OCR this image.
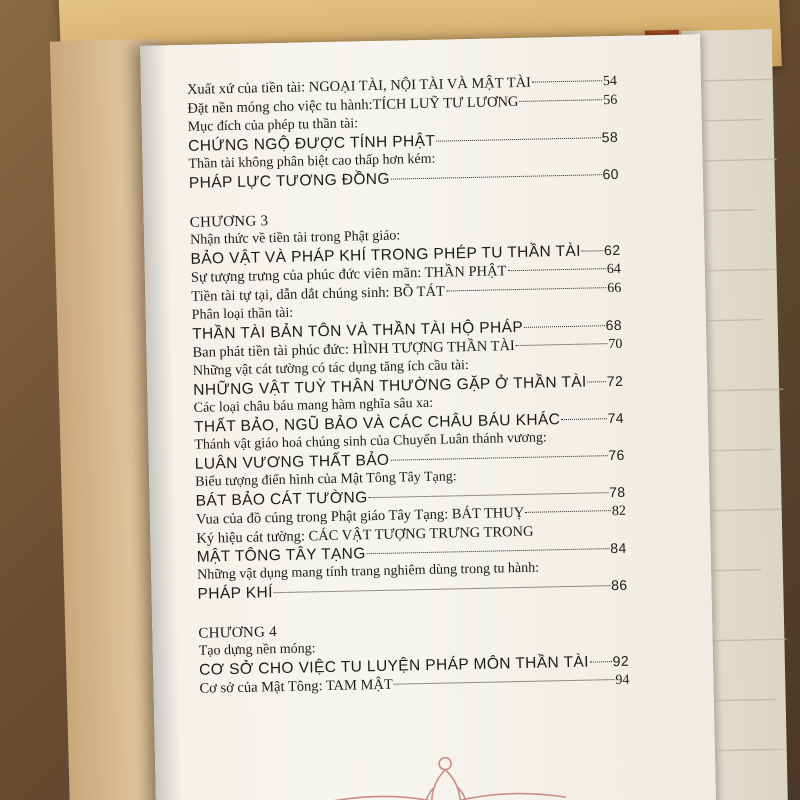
Xuất xứ của tiền tài: NGOẠI TÀI, NỘI TÀI VÀ MẬT TÀI	54
Đặt nền móng cho việc tu hành:TÍCH LUỸ TƯ LƯƠNG	56
Mục đích của phép tu thần tài:
CHỨNG NGỘ ĐƯỢC TÍNH PHẬT	58
Thần tài không phân biệt cao thấp hơn kém:
PHÁP LỰC TƯƠNG ĐỒNG	60
CHƯƠNG 3
Nhận thức về tiền tài trong Phật giáo:
BẢO VẬT VÀ PHÁP KHÍ TRONG PHÉP TU THẦN TÀI 62
Sự tượng trưng của phúc đức viên mãn: THẦN PHẬT	64
Tiền tài tự tại, dẫn dắt chúng sinh: BỒ TÁT	66
Phân loại thần tài:
THẦN TÀI BẢN TÔN VÀ THẦN TÀI HỘ PHÁP	68
Ban phát tiền tài phúc đức: HÌNH TƯỢNG THẦN TÀI	70
Những vật cát tường có tác dụng tăng ích cầu tài:
NHỮNG VẬT TUỲ THÂN THƯỜNG GẶP Ở THẦN TÀI 72
Các loại châu báu mang hàm nghĩa sâu xa:
THẤT BẢO, NGŨ BẢO VÀ CÁC CHÂU BÁU KHÁC	74
Thánh vật giáo hoá chúng sinh của Chuyển Luân thánh vương:
LUÂN VƯƠNG THẤT BẢO	76
Biểu tượng điển hình của Mật Tông Tây Tạng:
BÁT BẢO CÁT TƯỜNG	78
Vua của đồ cúng trong Phật giáo Tây Tạng: BÁT THUỴ	82
Ký hiệu cát tường: CÁC VẬT TƯỢNG TRƯNG TRONG
MẬT TÔNG TÂY TẠNG	84
Những vật dụng mang tính trang nghiêm dùng trong tu hành:
PHÁP KHÍ	86
CHƯƠNG 4
Tạo dựng nền móng:
CƠ SỞ CHO VIỆC TU LUYỆN PHÁP MÔN THẦN TÀI 92
Cơ sở của Mật Tông: TAM MẬT	94
